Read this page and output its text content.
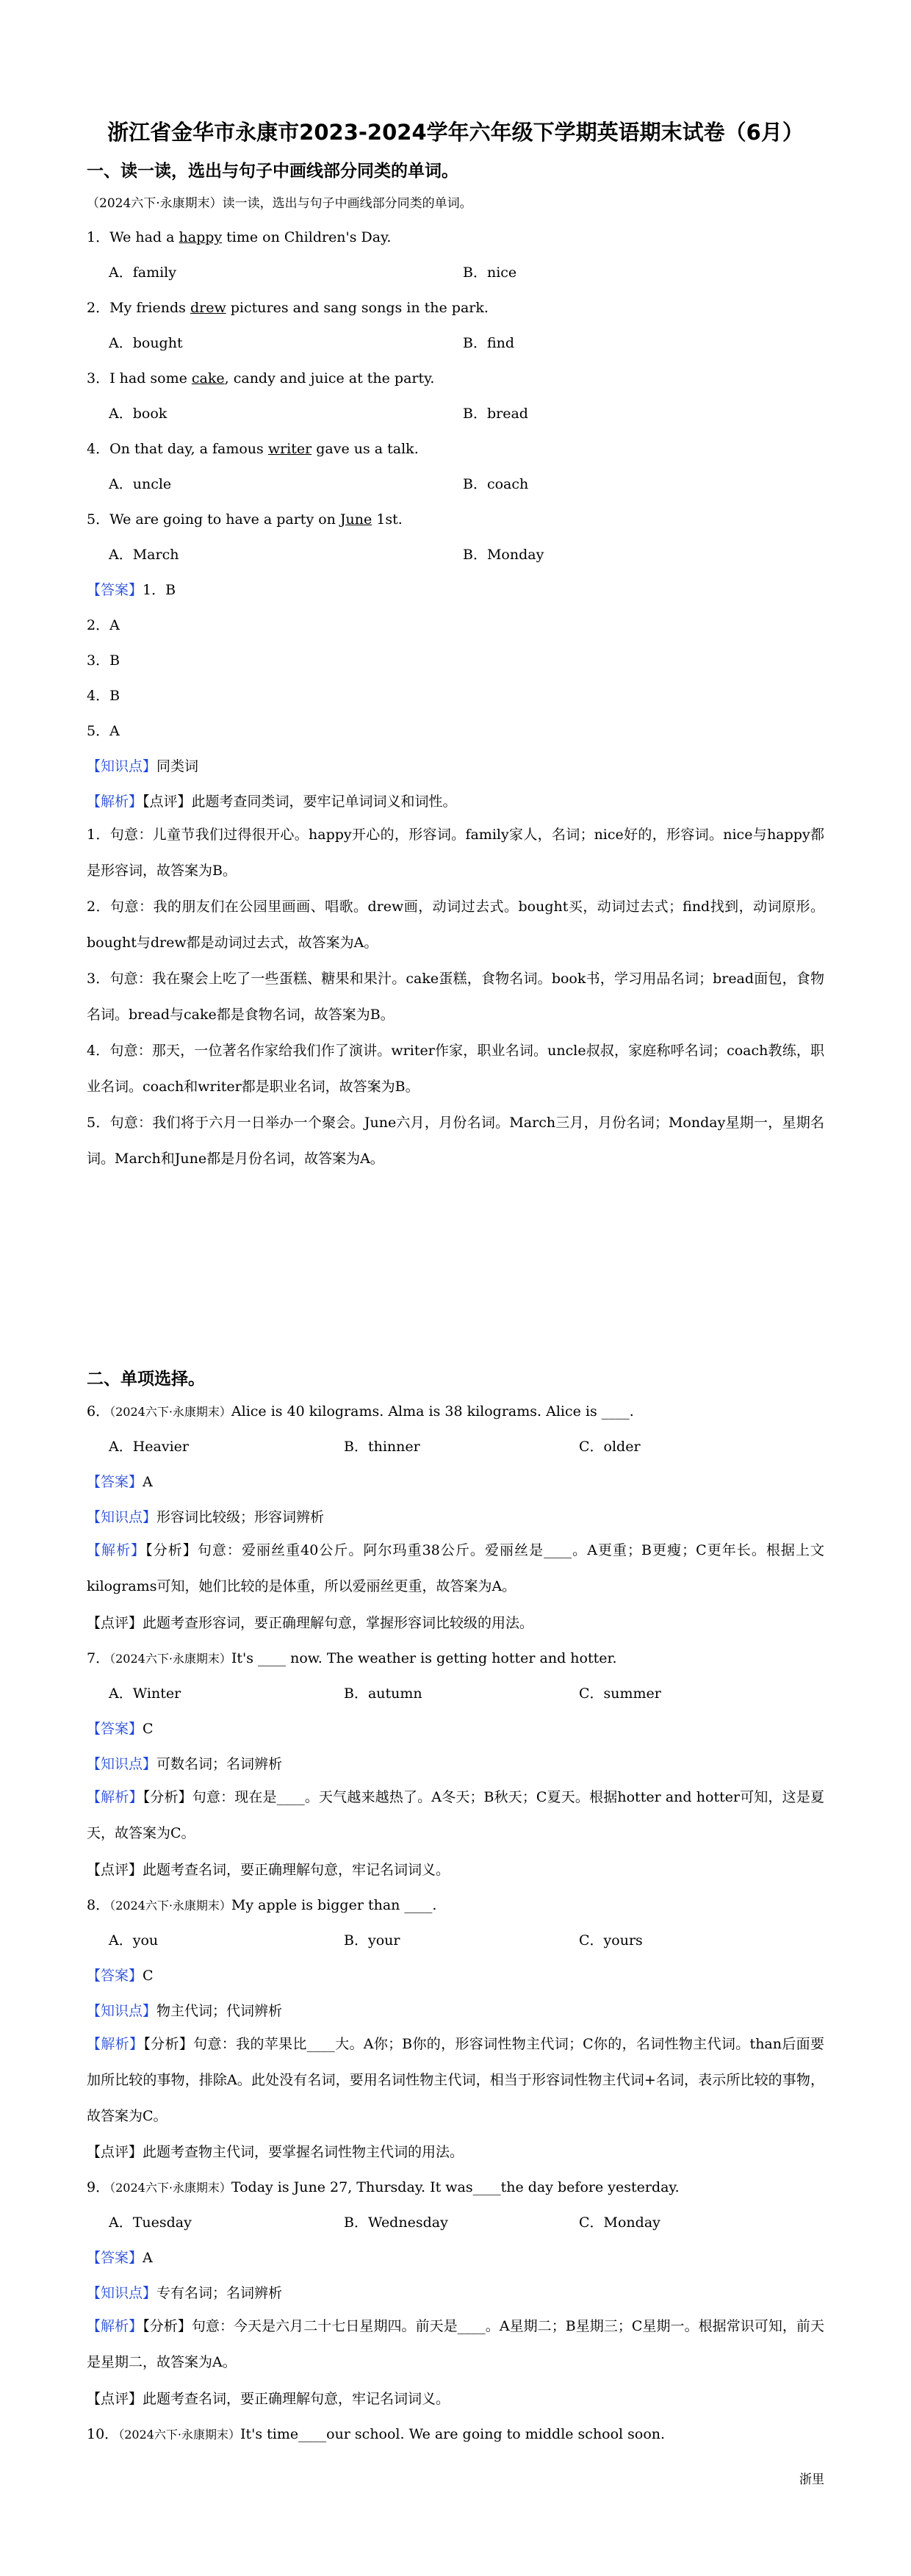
浙江省金华市永康市2023-2024学年六年级下学期英语期末试卷（6月）
一、读一读，选出与句子中画线部分同类的单词。
（2024六下·永康期末）读一读，选出与句子中画线部分同类的单词。
1．We had a happy time on Children's Day.
A．family	B．nice
2．My friends drew pictures and sang songs in the park.
A．bought	B．find
3．I had some cake, candy and juice at the party.
A．book	B．bread
4．On that day, a famous writer gave us a talk.
A．uncle	B．coach
5．We are going to have a party on June 1st.
A．March	B．Monday
【答案】1．B
2．A
3．B
4．B
5．A
【知识点】同类词
【解析】【点评】此题考查同类词，要牢记单词词义和词性。
1．句意：儿童节我们过得很开心。happy开心的，形容词。family家人，名词；nice好的，形容词。nice与happy都是形容词，故答案为B。
2．句意：我的朋友们在公园里画画、唱歌。drew画，动词过去式。bought买，动词过去式；find找到，动词原形。bought与drew都是动词过去式，故答案为A。
3．句意：我在聚会上吃了一些蛋糕、糖果和果汁。cake蛋糕，食物名词。book书，学习用品名词；bread面包，食物名词。bread与cake都是食物名词，故答案为B。
4．句意：那天，一位著名作家给我们作了演讲。writer作家，职业名词。uncle叔叔，家庭称呼名词；coach教练，职业名词。coach和writer都是职业名词，故答案为B。
5．句意：我们将于六月一日举办一个聚会。June六月，月份名词。March三月，月份名词；Monday星期一，星期名词。March和June都是月份名词，故答案为A。
二、单项选择。
6．（2024六下·永康期末）Alice is 40 kilograms. Alma is 38 kilograms. Alice is ____.
A．Heavier	B．thinner	C．older
【答案】A
【知识点】形容词比较级；形容词辨析
【解析】【分析】句意：爱丽丝重40公斤。阿尔玛重38公斤。爱丽丝是____。A更重；B更瘦；C更年长。根据上文kilograms可知，她们比较的是体重，所以爱丽丝更重，故答案为A。
【点评】此题考查形容词，要正确理解句意，掌握形容词比较级的用法。
7．（2024六下·永康期末）It's ____ now. The weather is getting hotter and hotter.
A．Winter	B．autumn	C．summer
【答案】C
【知识点】可数名词；名词辨析
【解析】【分析】句意：现在是____。天气越来越热了。A冬天；B秋天；C夏天。根据hotter and hotter可知，这是夏天，故答案为C。
【点评】此题考查名词，要正确理解句意，牢记名词词义。
8．（2024六下·永康期末）My apple is bigger than ____.
A．you	B．your	C．yours
【答案】C
【知识点】物主代词；代词辨析
【解析】【分析】句意：我的苹果比____大。A你；B你的，形容词性物主代词；C你的，名词性物主代词。than后面要加所比较的事物，排除A。此处没有名词，要用名词性物主代词，相当于形容词性物主代词+名词，表示所比较的事物，故答案为C。
【点评】此题考查物主代词，要掌握名词性物主代词的用法。
9．（2024六下·永康期末）Today is June 27, Thursday. It was____the day before yesterday.
A．Tuesday	B．Wednesday	C．Monday
【答案】A
【知识点】专有名词；名词辨析
【解析】【分析】句意：今天是六月二十七日星期四。前天是____。A星期二；B星期三；C星期一。根据常识可知，前天是星期二，故答案为A。
【点评】此题考查名词，要正确理解句意，牢记名词词义。
10．（2024六下·永康期末）It's time____our school. We are going to middle school soon.
浙里
